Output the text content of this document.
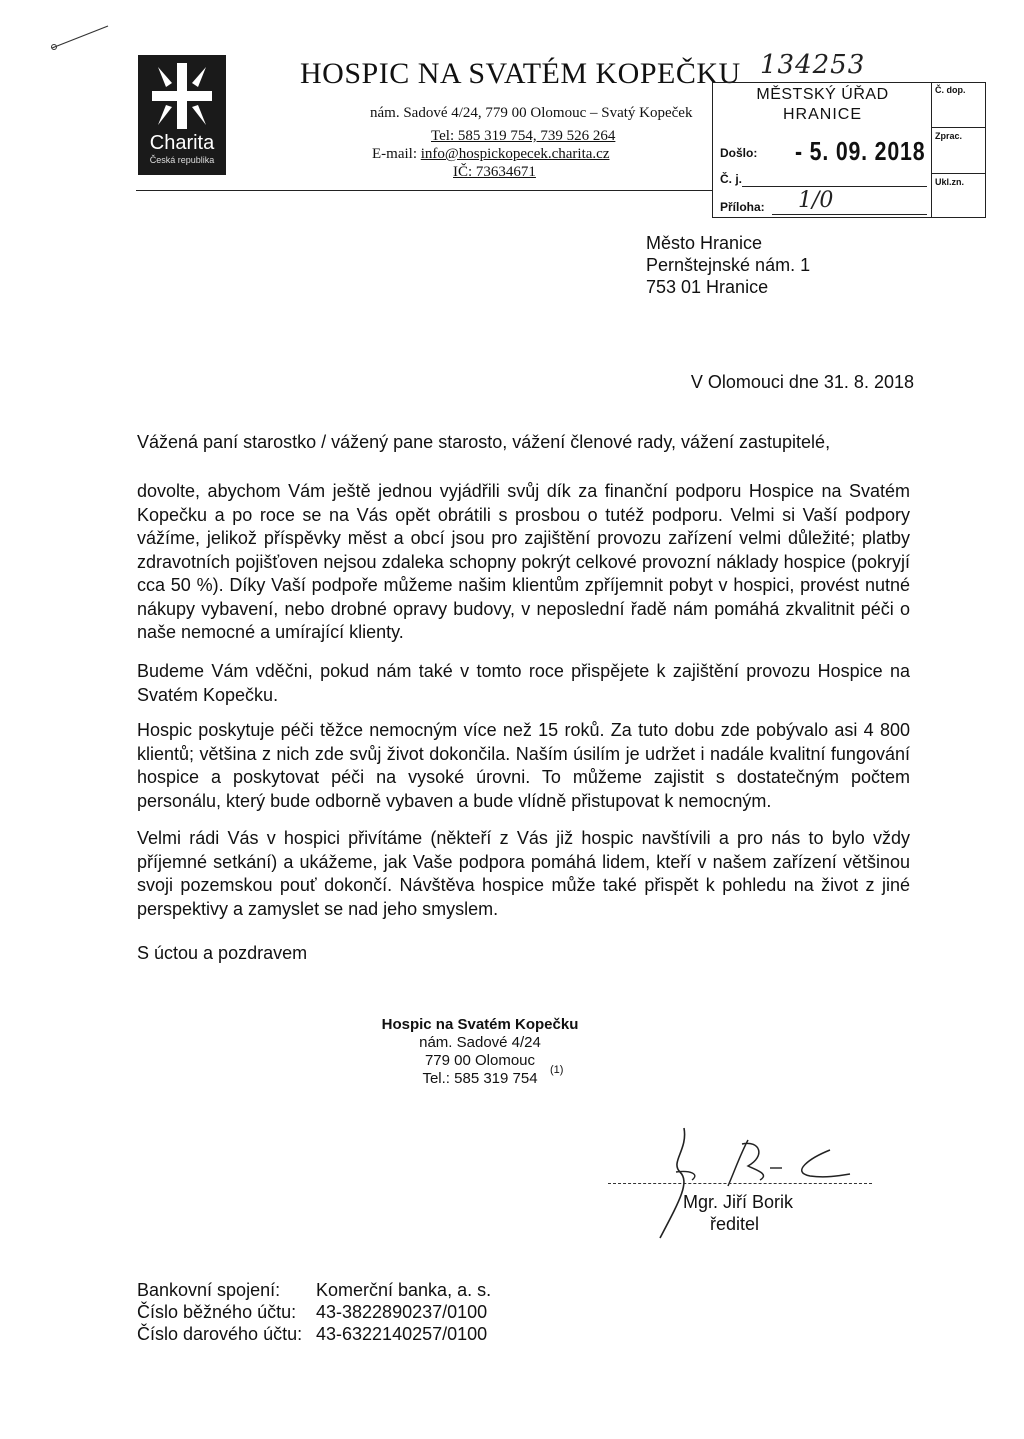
Charita
Česká republika
HOSPIC NA SVATÉM KOPEČKU
nám. Sadové 4/24, 779 00 Olomouc – Svatý Kopeček
Tel: 585 319 754, 739 526 264
E-mail: info@hospickopecek.charita.cz
IČ: 73634671
134253
Č. dop.
Zprac.
Ukl.zn.
MĚSTSKÝ ÚŘAD
HRANICE
Došlo: - 5. 09. 2018
Č. j.
Příloha: 1/0
Město Hranice
Pernštejnské nám. 1
753 01 Hranice
V Olomouci dne 31. 8. 2018
Vážená paní starostko / vážený pane starosto, vážení členové rady, vážení zastupitelé,
dovolte, abychom Vám ještě jednou vyjádřili svůj dík za finanční podporu Hospice na Svatém Kopečku a po roce se na Vás opět obrátili s prosbou o tutéž podporu. Velmi si Vaší podpory vážíme, jelikož příspěvky měst a obcí jsou pro zajištění provozu zařízení velmi důležité; platby zdravotních pojišťoven nejsou zdaleka schopny pokrýt celkové provozní náklady hospice (pokryjí cca 50 %). Díky Vaší podpoře můžeme našim klientům zpříjemnit pobyt v hospici, provést nutné nákupy vybavení, nebo drobné opravy budovy, v neposlední řadě nám pomáhá zkvalitnit péči o naše nemocné a umírající klienty.
Budeme Vám vděčni, pokud nám také v tomto roce přispějete k zajištění provozu Hospice na Svatém Kopečku.
Hospic poskytuje péči těžce nemocným více než 15 roků. Za tuto dobu zde pobývalo asi 4 800 klientů; většina z nich zde svůj život dokončila. Naším úsilím je udržet i nadále kvalitní fungování hospice a poskytovat péči na vysoké úrovni. To můžeme zajistit s dostatečným počtem personálu, který bude odborně vybaven a bude vlídně přistupovat k nemocným.
Velmi rádi Vás v hospici přivítáme (někteří z Vás již hospic navštívili a pro nás to bylo vždy příjemné setkání) a ukážeme, jak Vaše podpora pomáhá lidem, kteří v našem zařízení většinou svoji pozemskou pouť dokončí. Návštěva hospice může také přispět k pohledu na život z jiné perspektivy a zamyslet se nad jeho smyslem.
S úctou a pozdravem
Hospic na Svatém Kopečku
nám. Sadové 4/24
779 00 Olomouc
Tel.: 585 319 754	(1)
Mgr. Jiří Borik
ředitel
Bankovní spojení: Komerční banka, a. s.
Číslo běžného účtu: 43-3822890237/0100
Číslo darového účtu: 43-6322140257/0100
